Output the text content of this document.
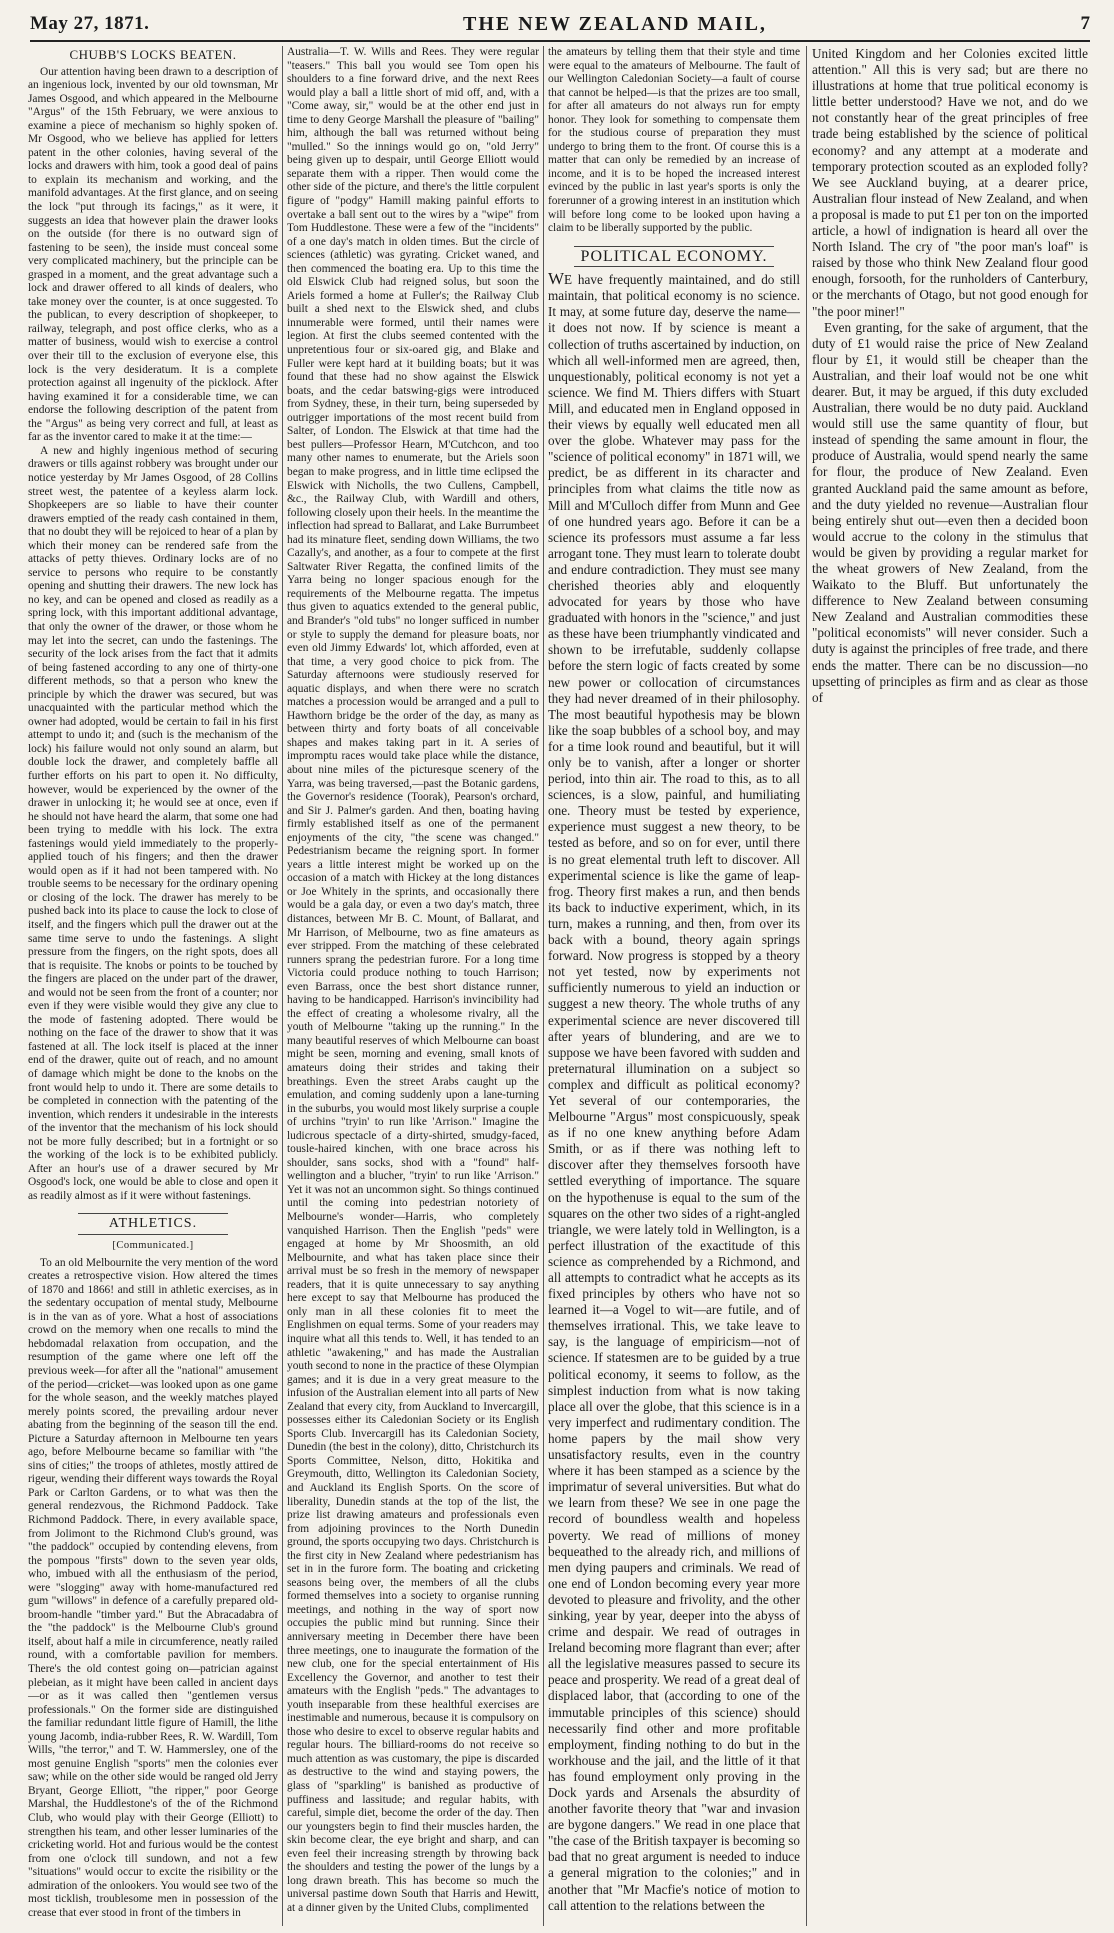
May 27, 1871.	THE NEW ZEALAND MAIL,	7
CHUBB'S LOCKS BEATEN.

Our attention having been drawn to a description of an ingenious lock, invented by our old townsman, Mr James Osgood, and which appeared in the Melbourne "Argus" of the 15th February, we were anxious to examine a piece of mechanism so highly spoken of. Mr Osgood, who we believe has applied for letters patent in the other colonies, having several of the locks and drawers with him, took a good deal of pains to explain its mechanism and working, and the manifold advantages. At the first glance, and on seeing the lock "put through its facings," as it were, it suggests an idea that however plain the drawer looks on the outside (for there is no outward sign of fastening to be seen), the inside must conceal some very complicated machinery, but the principle can be grasped in a moment, and the great advantage such a lock and drawer offered to all kinds of dealers, who take money over the counter, is at once suggested. To the publican, to every description of shopkeeper, to railway, telegraph, and post office clerks, who as a matter of business, would wish to exercise a control over their till to the exclusion of everyone else, this lock is the very desideratum. It is a complete protection against all ingenuity of the picklock. After having examined it for a considerable time, we can endorse the following description of the patent from the "Argus" as being very correct and full, at least as far as the inventor cared to make it at the time:—

A new and highly ingenious method of securing drawers or tills against robbery was brought under our notice yesterday by Mr James Osgood, of 28 Collins street west, the patentee of a keyless alarm lock. Shopkeepers are so liable to have their counter drawers emptied of the ready cash contained in them, that no doubt they will be rejoiced to hear of a plan by which their money can be rendered safe from the attacks of petty thieves. Ordinary locks are of no service to persons who require to be constantly opening and shutting their drawers. The new lock has no key, and can be opened and closed as readily as a spring lock, with this important additional advantage, that only the owner of the drawer, or those whom he may let into the secret, can undo the fastenings. The security of the lock arises from the fact that it admits of being fastened according to any one of thirty-one different methods, so that a person who knew the principle by which the drawer was secured, but was unacquainted with the particular method which the owner had adopted, would be certain to fail in his first attempt to undo it; and (such is the mechanism of the lock) his failure would not only sound an alarm, but double lock the drawer, and completely baffle all further efforts on his part to open it. No difficulty, however, would be experienced by the owner of the drawer in unlocking it; he would see at once, even if he should not have heard the alarm, that some one had been trying to meddle with his lock. The extra fastenings would yield immediately to the properly-applied touch of his fingers; and then the drawer would open as if it had not been tampered with. No trouble seems to be necessary for the ordinary opening or closing of the lock. The drawer has merely to be pushed back into its place to cause the lock to close of itself, and the fingers which pull the drawer out at the same time serve to undo the fastenings. A slight pressure from the fingers, on the right spots, does all that is requisite. The knobs or points to be touched by the fingers are placed on the under part of the drawer, and would not be seen from the front of a counter; nor even if they were visible would they give any clue to the mode of fastening adopted. There would be nothing on the face of the drawer to show that it was fastened at all. The lock itself is placed at the inner end of the drawer, quite out of reach, and no amount of damage which might be done to the knobs on the front would help to undo it. There are some details to be completed in connection with the patenting of the invention, which renders it undesirable in the interests of the inventor that the mechanism of his lock should not be more fully described; but in a fortnight or so the working of the lock is to be exhibited publicly. After an hour's use of a drawer secured by Mr Osgood's lock, one would be able to close and open it as readily almost as if it were without fastenings.

ATHLETICS.
[Communicated.]

To an old Melbournite the very mention of the word creates a retrospective vision. How altered the times of 1870 and 1866! and still in athletic exercises, as in the sedentary occupation of mental study, Melbourne is in the van as of yore. What a host of associations crowd on the memory when one recalls to mind the hebdomadal relaxation from occupation, and the resumption of the game where one left off the previous week—for after all the "national" amusement of the period—cricket—was looked upon as one game for the whole season, and the weekly matches played merely points scored, the prevailing ardour never abating from the beginning of the season till the end. Picture a Saturday afternoon in Melbourne ten years ago, before Melbourne became so familiar with "the sins of cities;" the troops of athletes, mostly attired de rigeur, wending their different ways towards the Royal Park or Carlton Gardens, or to what was then the general rendezvous, the Richmond Paddock. Take Richmond Paddock. There, in every available space, from Jolimont to the Richmond Club's ground, was "the paddock" occupied by contending elevens, from the pompous "firsts" down to the seven year olds, who, imbued with all the enthusiasm of the period, were "slogging" away with home-manufactured red gum "willows" in defence of a carefully prepared old-broom-handle "timber yard." But the Abracadabra of the "the paddock" is the Melbourne Club's ground itself, about half a mile in circumference, neatly railed round, with a comfortable pavilion for members. There's the old contest going on—patrician against plebeian, as it might have been called in ancient days—or as it was called then "gentlemen versus professionals." On the former side are distinguished the familiar redundant little figure of Hamill, the lithe young Jacomb, india-rubber Rees, R. W. Wardill, Tom Wills, "the terror," and T. W. Hammersley, one of the most genuine English "sports" men the colonies ever saw; while on the other side would be ranged old Jerry Bryant, George Elliott, "the ripper," poor George Marshal, the Huddlestone's of the of the Richmond Club, who would play with their George (Elliott) to strengthen his team, and other lesser luminaries of the cricketing world. Hot and furious would be the contest from one o'clock till sundown, and not a few "situations" would occur to excite the risibility or the admiration of the onlookers. You would see two of the most ticklish, troublesome men in possession of the crease that ever stood in front of the timbers in

Australia—T. W. Wills and Rees. They were regular "teasers." This ball you would see Tom open his shoulders to a fine forward drive, and the next Rees would play a ball a little short of mid off, and, with a "Come away, sir," would be at the other end just in time to deny George Marshall the pleasure of "bailing" him, although the ball was returned without being "mulled." So the innings would go on, "old Jerry" being given up to despair, until George Elliott would separate them with a ripper. Then would come the other side of the picture, and there's the little corpulent figure of "podgy" Hamill making painful efforts to overtake a ball sent out to the wires by a "wipe" from Tom Huddlestone. These were a few of the "incidents" of a one day's match in olden times. But the circle of sciences (athletic) was gyrating. Cricket waned, and then commenced the boating era. Up to this time the old Elswick Club had reigned solus, but soon the Ariels formed a home at Fuller's; the Railway Club built a shed next to the Elswick shed, and clubs innumerable were formed, until their names were legion. At first the clubs seemed contented with the unpretentious four or six-oared gig, and Blake and Fuller were kept hard at it building boats; but it was found that these had no show against the Elswick boats, and the cedar batswing-gigs were introduced from Sydney, these, in their turn, being superseded by outrigger importations of the most recent build from Salter, of London. The Elswick at that time had the best pullers—Professor Hearn, M'Cutchcon, and too many other names to enumerate, but the Ariels soon began to make progress, and in little time eclipsed the Elswick with Nicholls, the two Cullens, Campbell, &c., the Railway Club, with Wardill and others, following closely upon their heels. In the meantime the inflection had spread to Ballarat, and Lake Burrumbeet had its minature fleet, sending down Williams, the two Cazally's, and another, as a four to compete at the first Saltwater River Regatta, the confined limits of the Yarra being no longer spacious enough for the requirements of the Melbourne regatta. The impetus thus given to aquatics extended to the general public, and Brander's "old tubs" no longer sufficed in number or style to supply the demand for pleasure boats, nor even old Jimmy Edwards' lot, which afforded, even at that time, a very good choice to pick from. The Saturday afternoons were studiously reserved for aquatic displays, and when there were no scratch matches a procession would be arranged and a pull to Hawthorn bridge be the order of the day, as many as between thirty and forty boats of all conceivable shapes and makes taking part in it. A series of impromptu races would take place while the distance, about nine miles of the picturesque scenery of the Yarra, was being traversed,—past the Botanic gardens, the Governor's residence (Toorak), Pearson's orchard, and Sir J. Palmer's garden. And then, boating having firmly established itself as one of the permanent enjoyments of the city, "the scene was changed." Pedestrianism became the reigning sport. In former years a little interest might be worked up on the occasion of a match with Hickey at the long distances or Joe Whitely in the sprints, and occasionally there would be a gala day, or even a two day's match, three distances, between Mr B. C. Mount, of Ballarat, and Mr Harrison, of Melbourne, two as fine amateurs as ever stripped. From the matching of these celebrated runners sprang the pedestrian furore. For a long time Victoria could produce nothing to touch Harrison; even Barrass, once the best short distance runner, having to be handicapped. Harrison's invincibility had the effect of creating a wholesome rivalry, all the youth of Melbourne "taking up the running." In the many beautiful reserves of which Melbourne can boast might be seen, morning and evening, small knots of amateurs doing their strides and taking their breathings. Even the street Arabs caught up the emulation, and coming suddenly upon a lane-turning in the suburbs, you would most likely surprise a couple of urchins "tryin' to run like 'Arrison." Imagine the ludicrous spectacle of a dirty-shirted, smudgy-faced, tousle-haired kinchen, with one brace across his shoulder, sans socks, shod with a "found" half-wellington and a blucher, "tryin' to run like 'Arrison." Yet it was not an uncommon sight. So things continued until the coming into pedestrian notoriety of Melbourne's wonder—Harris, who completely vanquished Harrison. Then the English "peds" were engaged at home by Mr Shoosmith, an old Melbournite, and what has taken place since their arrival must be so fresh in the memory of newspaper readers, that it is quite unnecessary to say anything here except to say that Melbourne has produced the only man in all these colonies fit to meet the Englishmen on equal terms. Some of your readers may inquire what all this tends to. Well, it has tended to an athletic "awakening," and has made the Australian youth second to none in the practice of these Olympian games; and it is due in a very great measure to the infusion of the Australian element into all parts of New Zealand that every city, from Auckland to Invercargill, possesses either its Caledonian Society or its English Sports Club. Invercargill has its Caledonian Society, Dunedin (the best in the colony), ditto, Christchurch its Sports Committee, Nelson, ditto, Hokitika and Greymouth, ditto, Wellington its Caledonian Society, and Auckland its English Sports. On the score of liberality, Dunedin stands at the top of the list, the prize list drawing amateurs and professionals even from adjoining provinces to the North Dunedin ground, the sports occupying two days. Christchurch is the first city in New Zealand where pedestrianism has set in in the furore form. The boating and cricketing seasons being over, the members of all the clubs formed themselves into a society to organise running meetings, and nothing in the way of sport now occupies the public mind but running. Since their anniversary meeting in December there have been three meetings, one to inaugurate the formation of the new club, one for the special entertainment of His Excellency the Governor, and another to test their amateurs with the English "peds." The advantages to youth inseparable from these healthful exercises are inestimable and numerous, because it is compulsory on those who desire to excel to observe regular habits and regular hours. The billiard-rooms do not receive so much attention as was customary, the pipe is discarded as destructive to the wind and staying powers, the glass of "sparkling" is banished as productive of puffiness and lassitude; and regular habits, with careful, simple diet, become the order of the day. Then our youngsters begin to find their muscles harden, the skin become clear, the eye bright and sharp, and can even feel their increasing strength by throwing back the shoulders and testing the power of the lungs by a long drawn breath. This has become so much the universal pastime down South that Harris and Hewitt, at a dinner given by the United Clubs, complimented

the amateurs by telling them that their style and time were equal to the amateurs of Melbourne. The fault of our Wellington Caledonian Society—a fault of course that cannot be helped—is that the prizes are too small, for after all amateurs do not always run for empty honor. They look for something to compensate them for the studious course of preparation they must undergo to bring them to the front. Of course this is a matter that can only be remedied by an increase of income, and it is to be hoped the increased interest evinced by the public in last year's sports is only the forerunner of a growing interest in an institution which will before long come to be looked upon having a claim to be liberally supported by the public.

POLITICAL ECONOMY.

WE have frequently maintained, and do still maintain, that political economy is no science. It may, at some future day, deserve the name—it does not now. If by science is meant a collection of truths ascertained by induction, on which all well-informed men are agreed, then, unquestionably, political economy is not yet a science. We find M. Thiers differs with Stuart Mill, and educated men in England opposed in their views by equally well educated men all over the globe. Whatever may pass for the "science of political economy" in 1871 will, we predict, be as different in its character and principles from what claims the title now as Mill and M'Culloch differ from Munn and Gee of one hundred years ago. Before it can be a science its professors must assume a far less arrogant tone. They must learn to tolerate doubt and endure contradiction. They must see many cherished theories ably and eloquently advocated for years by those who have graduated with honors in the "science," and just as these have been triumphantly vindicated and shown to be irrefutable, suddenly collapse before the stern logic of facts created by some new power or collocation of circumstances they had never dreamed of in their philosophy. The most beautiful hypothesis may be blown like the soap bubbles of a school boy, and may for a time look round and beautiful, but it will only be to vanish, after a longer or shorter period, into thin air. The road to this, as to all sciences, is a slow, painful, and humiliating one. Theory must be tested by experience, experience must suggest a new theory, to be tested as before, and so on for ever, until there is no great elemental truth left to discover. All experimental science is like the game of leap-frog. Theory first makes a run, and then bends its back to inductive experiment, which, in its turn, makes a running, and then, from over its back with a bound, theory again springs forward. Now progress is stopped by a theory not yet tested, now by experiments not sufficiently numerous to yield an induction or suggest a new theory. The whole truths of any experimental science are never discovered till after years of blundering, and are we to suppose we have been favored with sudden and preternatural illumination on a subject so complex and difficult as political economy? Yet several of our contemporaries, the Melbourne "Argus" most conspicuously, speak as if no one knew anything before Adam Smith, or as if there was nothing left to discover after they themselves forsooth have settled everything of importance. The square on the hypothenuse is equal to the sum of the squares on the other two sides of a right-angled triangle, we were lately told in Wellington, is a perfect illustration of the exactitude of this science as comprehended by a Richmond, and all attempts to contradict what he accepts as its fixed principles by others who have not so learned it—a Vogel to wit—are futile, and of themselves irrational. This, we take leave to say, is the language of empiricism—not of science. If statesmen are to be guided by a true political economy, it seems to follow, as the simplest induction from what is now taking place all over the globe, that this science is in a very imperfect and rudimentary condition. The home papers by the mail show very unsatisfactory results, even in the country where it has been stamped as a science by the imprimatur of several universities. But what do we learn from these? We see in one page the record of boundless wealth and hopeless poverty. We read of millions of money bequeathed to the already rich, and millions of men dying paupers and criminals. We read of one end of London becoming every year more devoted to pleasure and frivolity, and the other sinking, year by year, deeper into the abyss of crime and despair. We read of outrages in Ireland becoming more flagrant than ever; after all the legislative measures passed to secure its peace and prosperity. We read of a great deal of displaced labor, that (according to one of the immutable principles of this science) should necessarily find other and more profitable employment, finding nothing to do but in the workhouse and the jail, and the little of it that has found employment only proving in the Dock yards and Arsenals the absurdity of another favorite theory that "war and invasion are bygone dangers." We read in one place that "the case of the British taxpayer is becoming so bad that no great argument is needed to induce a general migration to the colonies;" and in another that "Mr Macfie's notice of motion to call attention to the relations between the

United Kingdom and her Colonies excited little attention." All this is very sad; but are there no illustrations at home that true political economy is little better understood? Have we not, and do we not constantly hear of the great principles of free trade being established by the science of political economy? and any attempt at a moderate and temporary protection scouted as an exploded folly? We see Auckland buying, at a dearer price, Australian flour instead of New Zealand, and when a proposal is made to put £1 per ton on the imported article, a howl of indignation is heard all over the North Island. The cry of "the poor man's loaf" is raised by those who think New Zealand flour good enough, forsooth, for the runholders of Canterbury, or the merchants of Otago, but not good enough for "the poor miner!"

Even granting, for the sake of argument, that the duty of £1 would raise the price of New Zealand flour by £1, it would still be cheaper than the Australian, and their loaf would not be one whit dearer. But, it may be argued, if this duty excluded Australian, there would be no duty paid. Auckland would still use the same quantity of flour, but instead of spending the same amount in flour, the produce of Australia, would spend nearly the same for flour, the produce of New Zealand. Even granted Auckland paid the same amount as before, and the duty yielded no revenue—Australian flour being entirely shut out—even then a decided boon would accrue to the colony in the stimulus that would be given by providing a regular market for the wheat growers of New Zealand, from the Waikato to the Bluff. But unfortunately the difference to New Zealand between consuming New Zealand and Australian commodities these "political economists" will never consider. Such a duty is against the principles of free trade, and there ends the matter. There can be no discussion—no upsetting of principles as firm and as clear as those of
